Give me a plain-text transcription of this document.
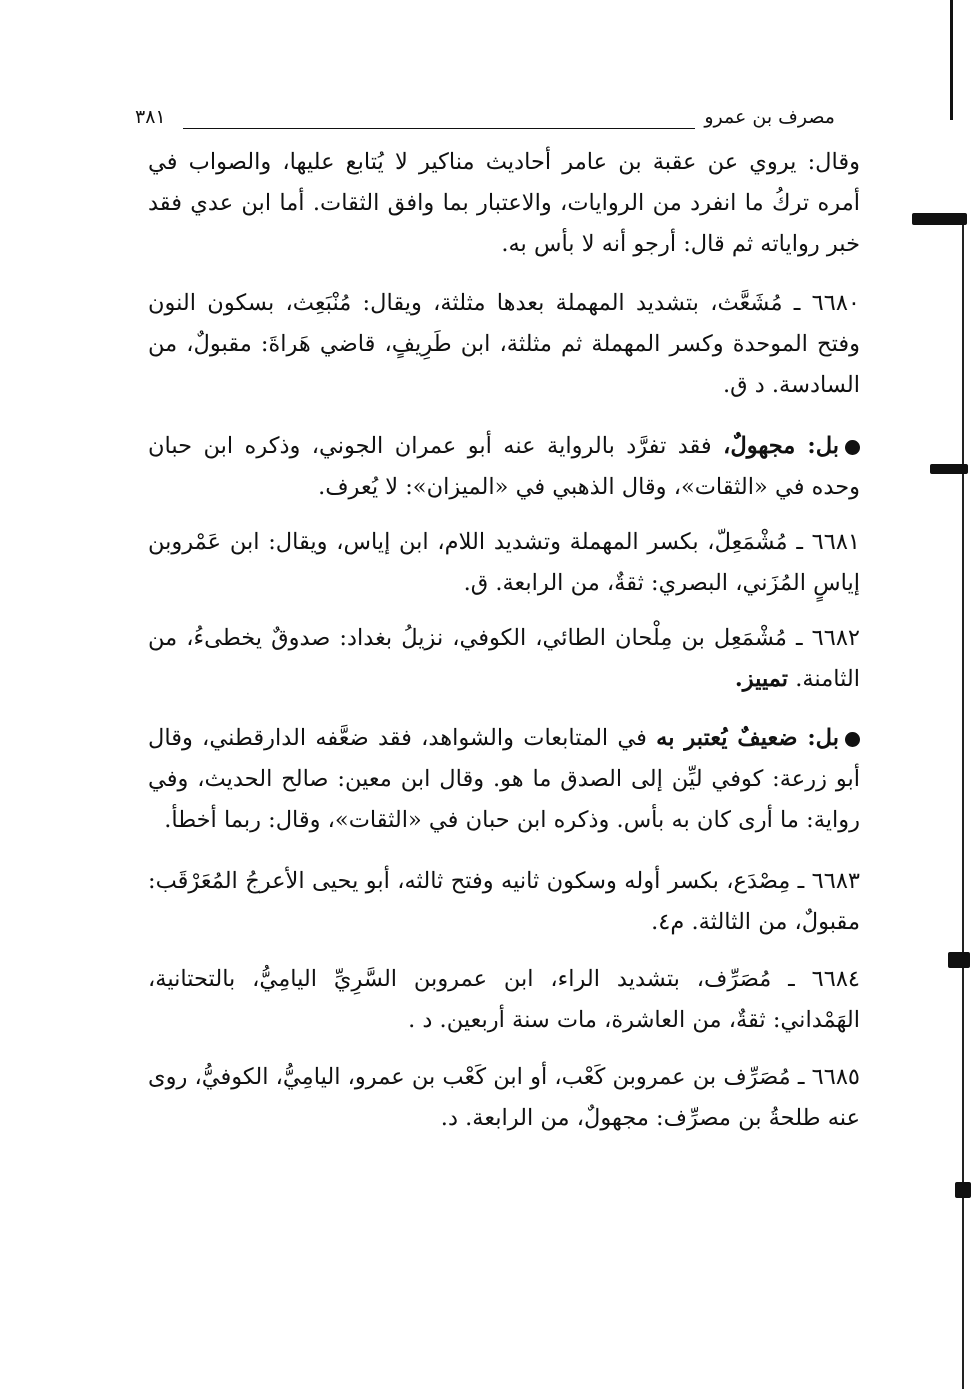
مصرف بن عمرو
٣٨١

وقال: يروي عن عقبة بن عامر أحاديث مناكير لا يُتابع عليها، والصواب في أمره تركُ ما انفرد من الروايات، والاعتبار بما وافق الثقات. أما ابن عدي فقد خبر رواياته ثم قال: أرجو أنه لا بأس به.

٦٦٨٠ ـ مُشَعَّث، بتشديد المهملة بعدها مثلثة، ويقال: مُنْبَعِث، بسكون النون وفتح الموحدة وكسر المهملة ثم مثلثة، ابن طَرِيفٍ، قاضي هَراةَ: مقبولٌ، من السادسة. د ق.

بل: مجهولٌ، فقد تفرَّد بالرواية عنه أبو عمران الجوني، وذكره ابن حبان وحده في «الثقات»، وقال الذهبي في «الميزان»: لا يُعرف.

٦٦٨١ ـ مُشْمَعِلّ، بكسر المهملة وتشديد اللام، ابن إياس، ويقال: ابن عَمْروبن إياسٍ المُزَني، البصري: ثقةٌ، من الرابعة. ق.

٦٦٨٢ ـ مُشْمَعِل بن مِلْحان الطائي، الكوفي، نزيلُ بغداد: صدوقٌ يخطىءُ، من الثامنة. تمييز.

بل: ضعيفٌ يُعتبر به في المتابعات والشواهد، فقد ضعَّفه الدارقطني، وقال أبو زرعة: كوفي ليِّن إلى الصدق ما هو. وقال ابن معين: صالح الحديث، وفي رواية: ما أرى كان به بأس. وذكره ابن حبان في «الثقات»، وقال: ربما أخطأ.

٦٦٨٣ ـ مِصْدَع، بكسر أوله وسكون ثانيه وفتح ثالثه، أبو يحيى الأعرجُ المُعَرْقَب: مقبولٌ، من الثالثة. م٤.

٦٦٨٤ ـ مُصَرِّف، بتشديد الراء، ابن عمروبن السَّرِيِّ اليامِيُّ، بالتحتانية، الهَمْداني: ثقةٌ، من العاشرة، مات سنة أربعين. د .

٦٦٨٥ ـ مُصَرِّف بن عمروبن كَعْب، أو ابن كَعْب بن عمرو، اليامِيُّ، الكوفيُّ، روى عنه طلحةُ بن مصرِّف: مجهولٌ، من الرابعة. د.
